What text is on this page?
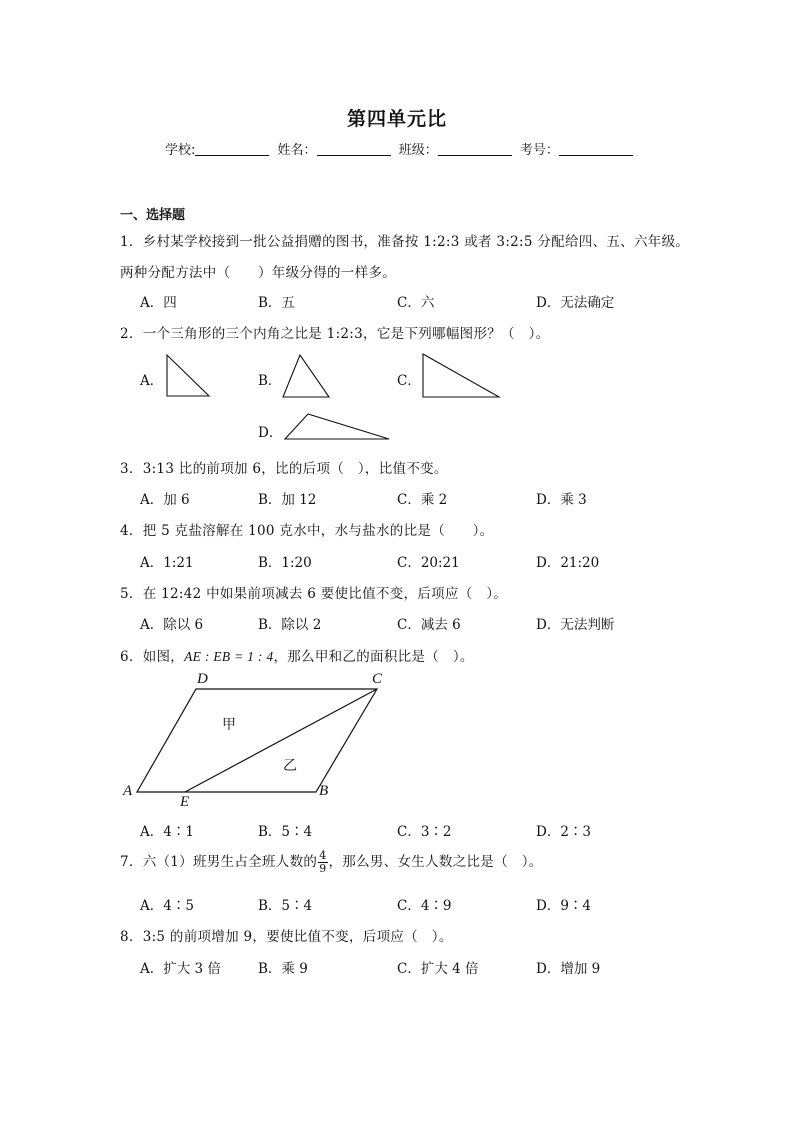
第四单元比
学校:	姓名：	班级：	考号：
一、选择题
1．乡村某学校接到一批公益捐赠的图书，准备按 1:2:3 或者 3:2:5 分配给四、五、六年级。
两种分配方法中（　　）年级分得的一样多。
A．四	B．五	C．六	D．无法确定
2．一个三角形的三个内角之比是 1:2:3，它是下列哪幅图形？（　）。
A．	B．	C．
D．
3．3:13 比的前项加 6，比的后项（　），比值不变。
A．加 6	B．加 12	C．乘 2	D．乘 3
4．把 5 克盐溶解在 100 克水中，水与盐水的比是（　　）。
A．1:21	B．1:20	C．20:21	D．21:20
5．在 12:42 中如果前项减去 6 要使比值不变，后项应（　）。
A．除以 6	B．除以 2	C．减去 6	D．无法判断
6．如图，AE : EB = 1 : 4，那么甲和乙的面积比是（　）。
D	C
A
E
B
甲
乙
A．4∶1	B．5∶4	C．3∶2	D．2∶3
7．六（1）班男生占全班人数的 $\frac{4}{9}$ ，那么男、女生人数之比是（　）。
A．4∶5	B．5∶4	C．4∶9	D．9∶4
8．3:5 的前项增加 9，要使比值不变，后项应（　）。
A．扩大 3 倍	B．乘 9	C．扩大 4 倍	D．增加 9
